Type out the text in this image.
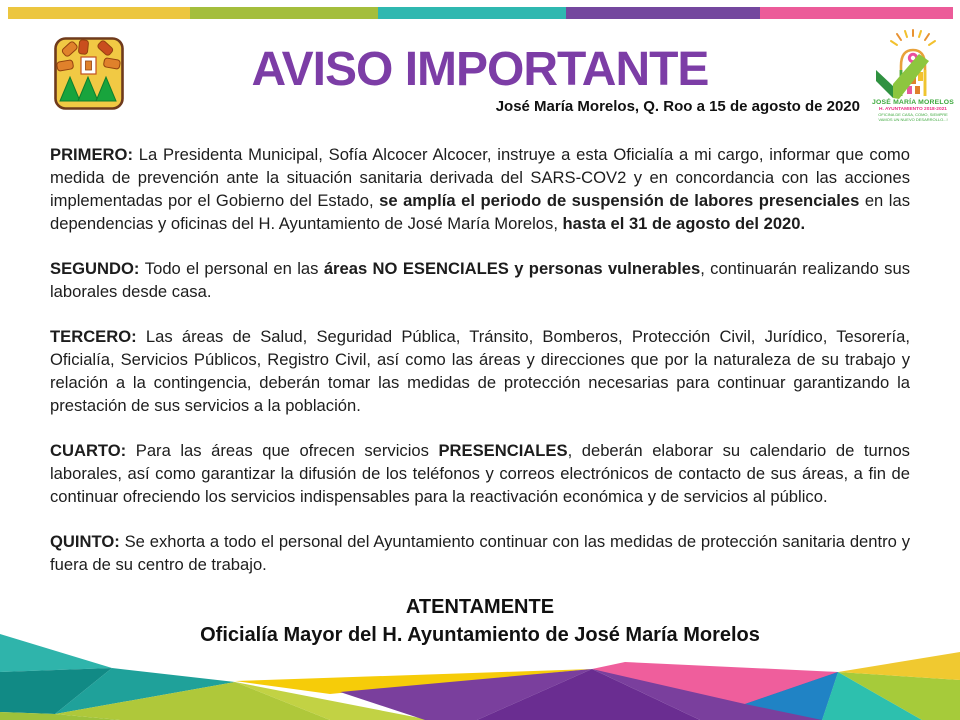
JOSÉ MARÍA MORELOS
H. AYUNTAMIENTO 2018-2021
OFICINA DE CASA, COMO, SIEMPRE
VAMOS UN NUEVO DESARROLLO...!
AVISO IMPORTANTE
José María Morelos, Q. Roo a 15 de agosto de 2020

PRIMERO: La Presidenta Municipal, Sofía Alcocer Alcocer, instruye a esta Oficialía a mi cargo, informar que como medida de prevención ante la situación sanitaria derivada del SARS-COV2 y en concordancia con las acciones implementadas por el Gobierno del Estado, se amplía el periodo de suspensión de labores presenciales en las dependencias y oficinas del H. Ayuntamiento de José María Morelos, hasta el 31 de agosto del 2020.

SEGUNDO: Todo el personal en las áreas NO ESENCIALES y personas vulnerables, continuarán realizando sus laborales desde casa.

TERCERO: Las áreas de Salud, Seguridad Pública, Tránsito, Bomberos, Protección Civil, Jurídico, Tesorería, Oficialía, Servicios Públicos, Registro Civil, así como las áreas y direcciones que por la naturaleza de su trabajo y relación a la contingencia, deberán tomar las medidas de protección necesarias para continuar garantizando la prestación de sus servicios a la población.

CUARTO: Para las áreas que ofrecen servicios PRESENCIALES, deberán elaborar su calendario de turnos laborales, así como garantizar la difusión de los teléfonos y correos electrónicos de contacto de sus áreas, a fin de continuar ofreciendo los servicios indispensables para la reactivación económica y de servicios al público.

QUINTO: Se exhorta a todo el personal del Ayuntamiento continuar con las medidas de protección sanitaria dentro y fuera de su centro de trabajo.

ATENTAMENTE
Oficialía Mayor del H. Ayuntamiento de José María Morelos
